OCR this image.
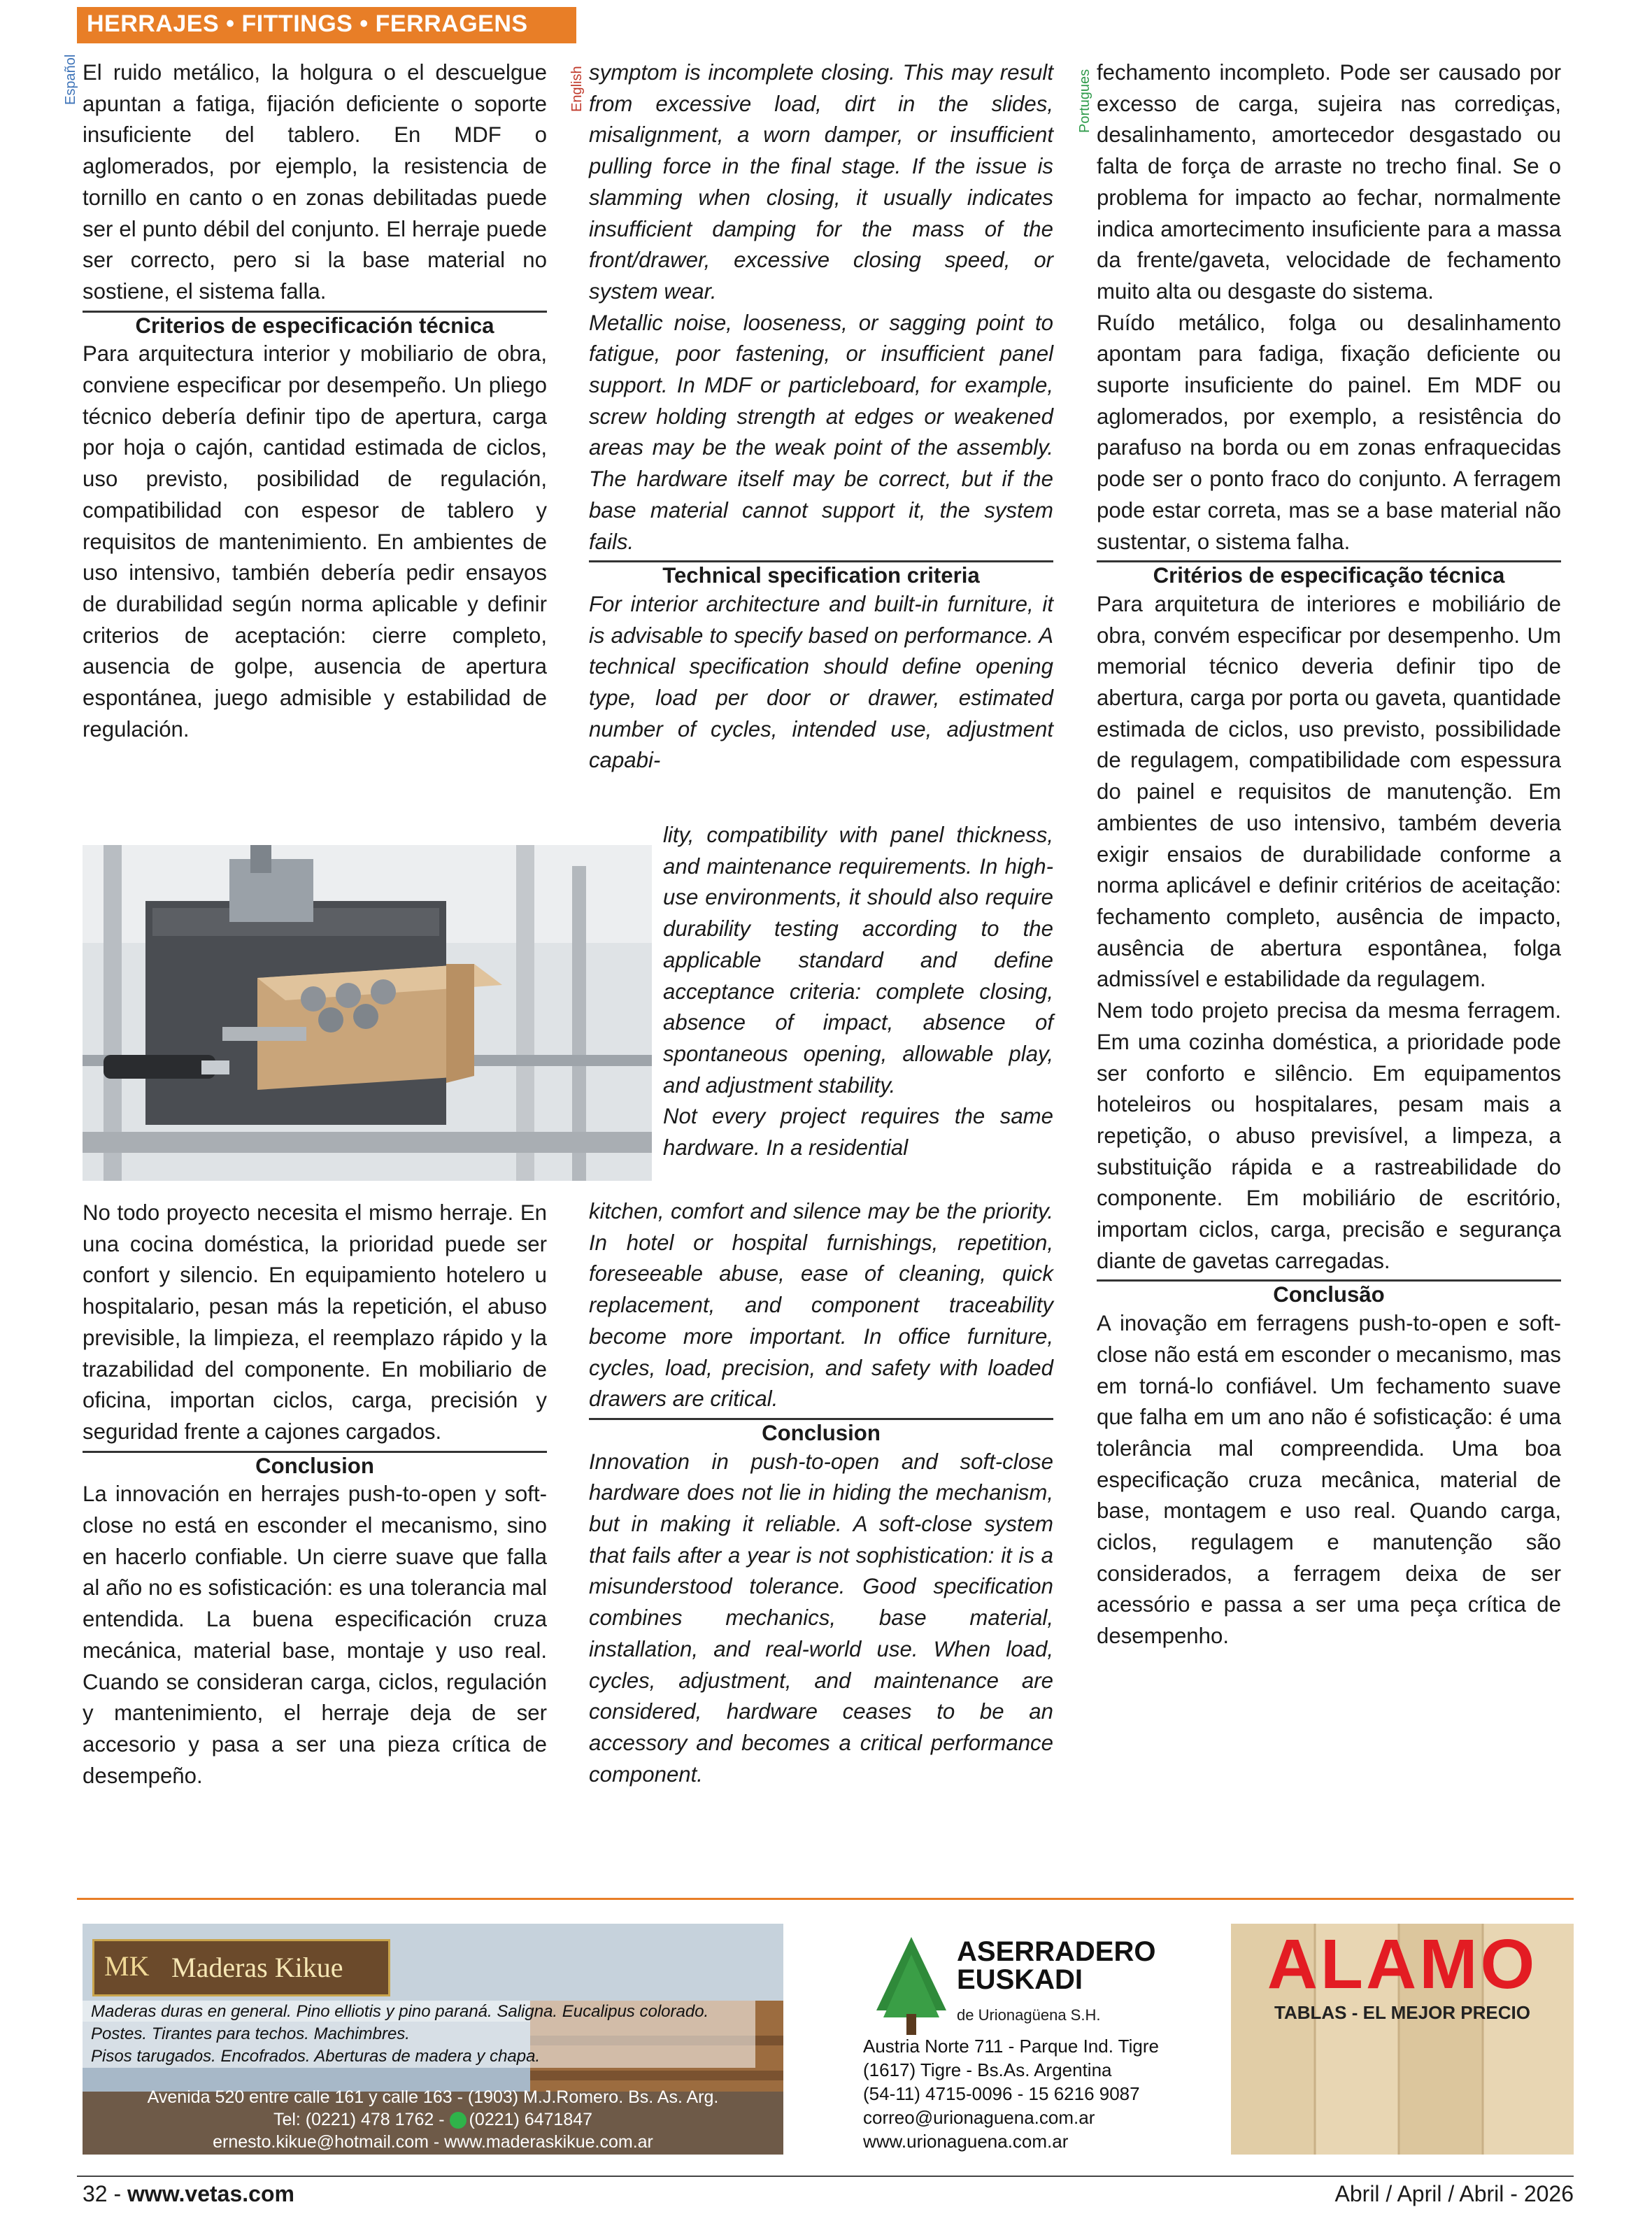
HERRAJES • FITTINGS • FERRAGENS
Español	English	Portugues

El ruido metálico, la holgura o el descuelgue apuntan a fatiga, fijación deficiente o soporte insuficiente del tablero. En MDF o aglomerados, por ejemplo, la resistencia de tornillo en canto o en zonas debilitadas puede ser el punto débil del conjunto. El herraje puede ser correcto, pero si la base material no sostiene, el sistema falla.

Criterios de especificación técnica

Para arquitectura interior y mobiliario de obra, conviene especificar por desempeño. Un pliego técnico debería definir tipo de apertura, carga por hoja o cajón, cantidad estimada de ciclos, uso previsto, posibilidad de regulación, compatibilidad con espesor de tablero y requisitos de mantenimiento. En ambientes de uso intensivo, también debería pedir ensayos de durabilidad según norma aplicable y definir criterios de aceptación: cierre completo, ausencia de golpe, ausencia de apertura espontánea, juego admisible y estabilidad de regulación.

No todo proyecto necesita el mismo herraje. En una cocina doméstica, la prioridad puede ser confort y silencio. En equipamiento hotelero u hospitalario, pesan más la repetición, el abuso previsible, la limpieza, el reemplazo rápido y la trazabilidad del componente. En mobiliario de oficina, importan ciclos, carga, precisión y seguridad frente a cajones cargados.

Conclusion

La innovación en herrajes push-to-open y soft-close no está en esconder el mecanismo, sino en hacerlo confiable. Un cierre suave que falla al año no es sofisticación: es una tolerancia mal entendida. La buena especificación cruza mecánica, material base, montaje y uso real. Cuando se consideran carga, ciclos, regulación y mantenimiento, el herraje deja de ser accesorio y pasa a ser una pieza crítica de desempeño.

symptom is incomplete closing. This may result from excessive load, dirt in the slides, misalignment, a worn damper, or insufficient pulling force in the final stage. If the issue is slamming when closing, it usually indicates insufficient damping for the mass of the front/drawer, excessive closing speed, or system wear.

Metallic noise, looseness, or sagging point to fatigue, poor fastening, or insufficient panel support. In MDF or particleboard, for example, screw holding strength at edges or weakened areas may be the weak point of the assembly. The hardware itself may be correct, but if the base material cannot support it, the system fails.

Technical specification criteria

For interior architecture and built-in furniture, it is advisable to specify based on performance. A technical specification should define opening type, load per door or drawer, estimated number of cycles, intended use, adjustment capabi-

lity, compatibility with panel thickness, and maintenance requirements. In high-use environments, it should also require durability testing according to the applicable standard and define acceptance criteria: complete closing, absence of impact, absence of spontaneous opening, allowable play, and adjustment stability.

Not every project requires the same hardware. In a residential

kitchen, comfort and silence may be the priority. In hotel or hospital furnishings, repetition, foreseeable abuse, ease of cleaning, quick replacement, and component traceability become more important. In office furniture, cycles, load, precision, and safety with loaded drawers are critical.

Conclusion

Innovation in push-to-open and soft-close hardware does not lie in hiding the mechanism, but in making it reliable. A soft-close system that fails after a year is not sophistication: it is a misunderstood tolerance. Good specification combines mechanics, base material, installation, and real-world use. When load, cycles, adjustment, and maintenance are considered, hardware ceases to be an accessory and becomes a critical performance component.

fechamento incompleto. Pode ser causado por excesso de carga, sujeira nas corrediças, desalinhamento, amortecedor desgastado ou falta de força de arraste no trecho final. Se o problema for impacto ao fechar, normalmente indica amortecimento insuficiente para a massa da frente/gaveta, velocidade de fechamento muito alta ou desgaste do sistema.

Ruído metálico, folga ou desalinhamento apontam para fadiga, fixação deficiente ou suporte insuficiente do painel. Em MDF ou aglomerados, por exemplo, a resistência do parafuso na borda ou em zonas enfraquecidas pode ser o ponto fraco do conjunto. A ferragem pode estar correta, mas se a base material não sustentar, o sistema falha.

Critérios de especificação técnica

Para arquitetura de interiores e mobiliário de obra, convém especificar por desempenho. Um memorial técnico deveria definir tipo de abertura, carga por porta ou gaveta, quantidade estimada de ciclos, uso previsto, possibilidade de regulagem, compatibilidade com espessura do painel e requisitos de manutenção. Em ambientes de uso intensivo, também deveria exigir ensaios de durabilidade conforme a norma aplicável e definir critérios de aceitação: fechamento completo, ausência de impacto, ausência de abertura espontânea, folga admissível e estabilidade da regulagem.

Nem todo projeto precisa da mesma ferragem. Em uma cozinha doméstica, a prioridade pode ser conforto e silêncio. Em equipamentos hoteleiros ou hospitalares, pesam mais a repetição, o abuso previsível, a limpeza, a substituição rápida e a rastreabilidade do componente. Em mobiliário de escritório, importam ciclos, carga, precisão e segurança diante de gavetas carregadas.

Conclusão

A inovação em ferragens push-to-open e soft-close não está em esconder o mecanismo, mas em torná-lo confiável. Um fechamento suave que falha em um ano não é sofisticação: é uma tolerância mal compreendida. Uma boa especificação cruza mecânica, material de base, montagem e uso real. Quando carga, ciclos, regulagem e manutenção são considerados, a ferragem deixa de ser acessório e passa a ser uma peça crítica de desempenho.

MK Maderas Kikue
Maderas duras en general. Pino elliotis y pino paraná. Saligna. Eucalipus colorado.
Postes. Tirantes para techos. Machimbres.
Pisos tarugados. Encofrados. Aberturas de madera y chapa.
Avenida 520 entre calle 161 y calle 163 - (1903) M.J.Romero. Bs. As. Arg.
Tel: (0221) 478 1762 - (0221) 6471847
ernesto.kikue@hotmail.com - www.maderaskikue.com.ar
ASERRADERO
EUSKADI
de Urionagüena S.H.
Austria Norte 711 - Parque Ind. Tigre
(1617) Tigre - Bs.As. Argentina
(54-11) 4715-0096 - 15 6216 9087
correo@urionaguena.com.ar
www.urionaguena.com.ar
ALAMO
TABLAS - EL MEJOR PRECIO
32 - www.vetas.com	Abril / April / Abril - 2026
